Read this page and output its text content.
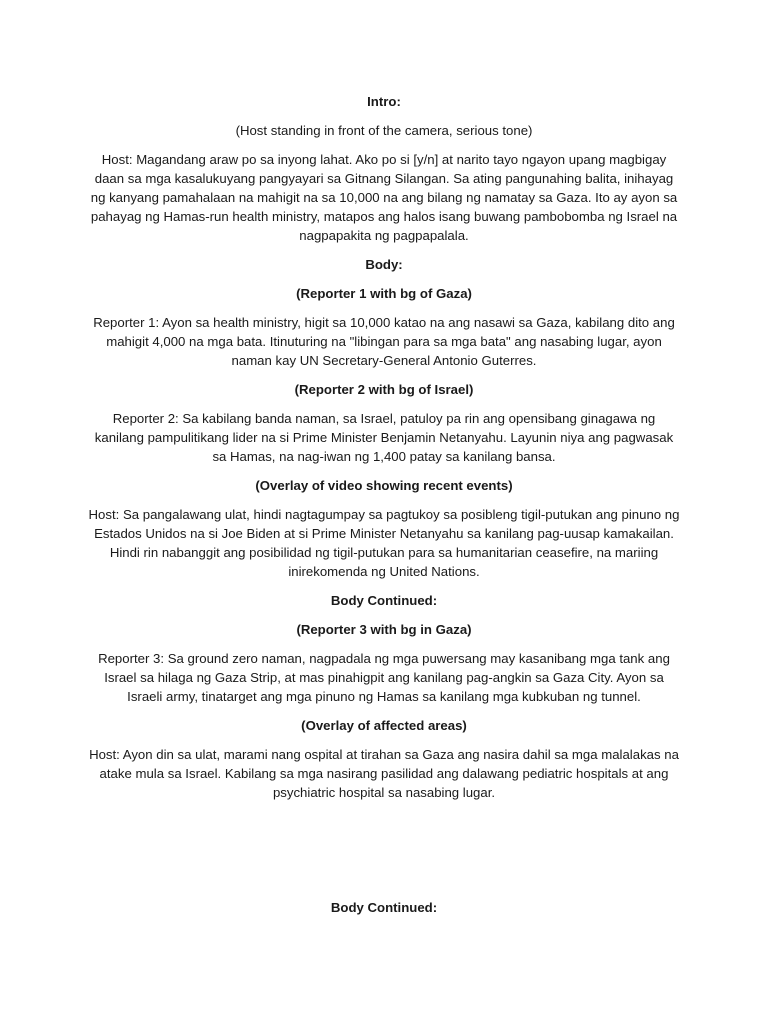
Intro:

(Host standing in front of the camera, serious tone)

Host: Magandang araw po sa inyong lahat. Ako po si [y/n] at narito tayo ngayon upang magbigay daan sa mga kasalukuyang pangyayari sa Gitnang Silangan. Sa ating pangunahing balita, inihayag ng kanyang pamahalaan na mahigit na sa 10,000 na ang bilang ng namatay sa Gaza. Ito ay ayon sa pahayag ng Hamas-run health ministry, matapos ang halos isang buwang pambobomba ng Israel na nagpapakita ng pagpapalala.

Body:

(Reporter 1 with bg of Gaza)

Reporter 1: Ayon sa health ministry, higit sa 10,000 katao na ang nasawi sa Gaza, kabilang dito ang mahigit 4,000 na mga bata. Itinuturing na "libingan para sa mga bata" ang nasabing lugar, ayon naman kay UN Secretary-General Antonio Guterres.

(Reporter 2 with bg of Israel)

Reporter 2: Sa kabilang banda naman, sa Israel, patuloy pa rin ang opensibang ginagawa ng kanilang pampulitikang lider na si Prime Minister Benjamin Netanyahu. Layunin niya ang pagwasak sa Hamas, na nag-iwan ng 1,400 patay sa kanilang bansa.

(Overlay of video showing recent events)

Host: Sa pangalawang ulat, hindi nagtagumpay sa pagtukoy sa posibleng tigil-putukan ang pinuno ng Estados Unidos na si Joe Biden at si Prime Minister Netanyahu sa kanilang pag-uusap kamakailan. Hindi rin nabanggit ang posibilidad ng tigil-putukan para sa humanitarian ceasefire, na mariing inirekomenda ng United Nations.

Body Continued:

(Reporter 3 with bg in Gaza)

Reporter 3: Sa ground zero naman, nagpadala ng mga puwersang may kasanibang mga tank ang Israel sa hilaga ng Gaza Strip, at mas pinahigpit ang kanilang pag-angkin sa Gaza City. Ayon sa Israeli army, tinatarget ang mga pinuno ng Hamas sa kanilang mga kubkuban ng tunnel.

(Overlay of affected areas)

Host: Ayon din sa ulat, marami nang ospital at tirahan sa Gaza ang nasira dahil sa mga malalakas na atake mula sa Israel. Kabilang sa mga nasirang pasilidad ang dalawang pediatric hospitals at ang psychiatric hospital sa nasabing lugar.

Body Continued:
